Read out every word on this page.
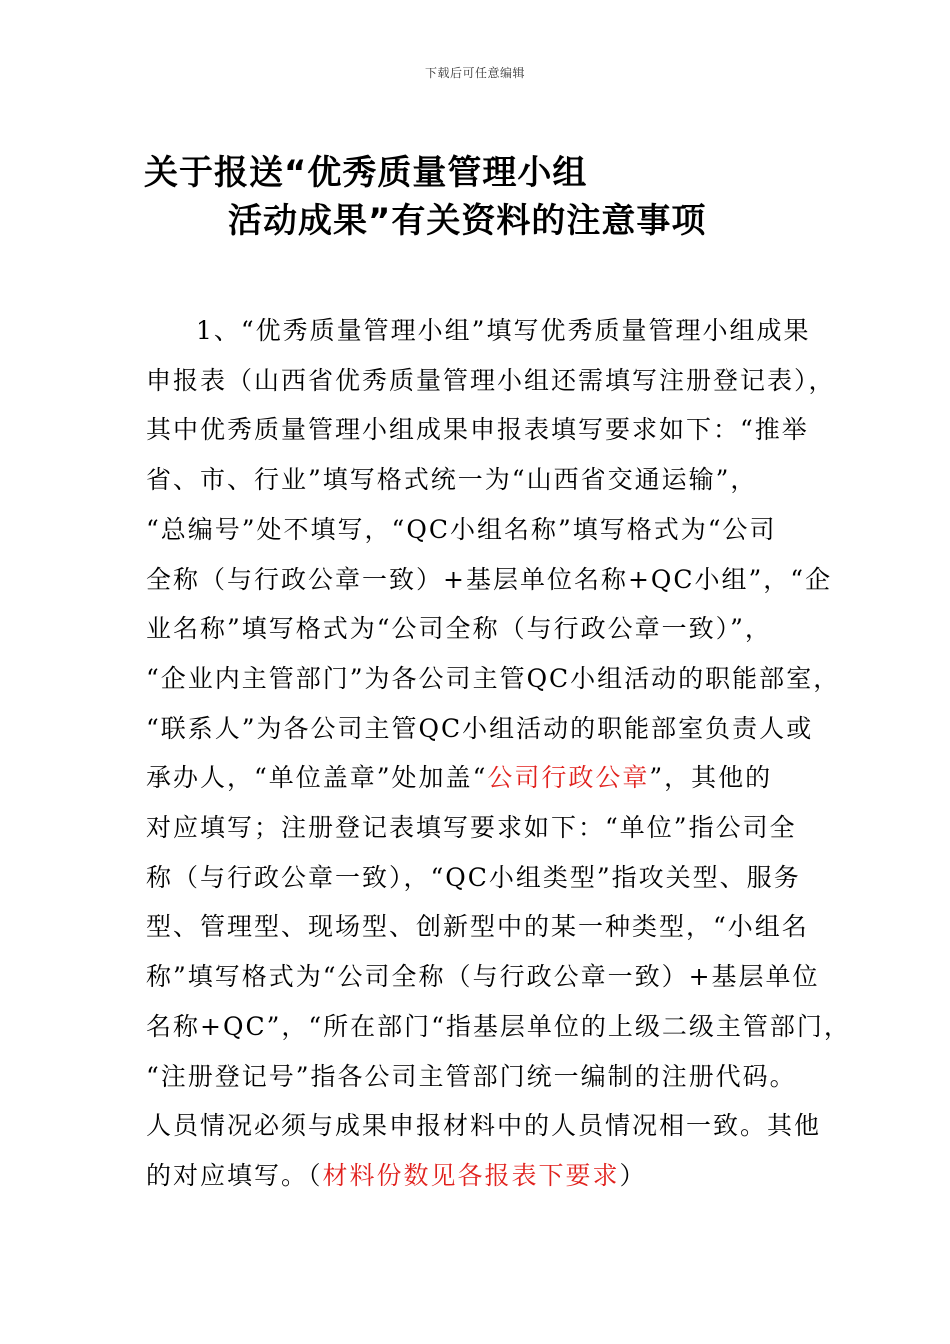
下载后可任意编辑
关于报送“优秀质量管理小组
活动成果”有关资料的注意事项
1、“优秀质量管理小组”填写优秀质量管理小组成果
申报表（山西省优秀质量管理小组还需填写注册登记表），
其中优秀质量管理小组成果申报表填写要求如下：“推举
省、市、行业”填写格式统一为“山西省交通运输”，
“总编号”处不填写，“QC小组名称”填写格式为“公司
全称（与行政公章一致）+基层单位名称+QC小组”，“企
业名称”填写格式为“公司全称（与行政公章一致）”，
“企业内主管部门”为各公司主管QC小组活动的职能部室，
“联系人”为各公司主管QC小组活动的职能部室负责人或
承办人，“单位盖章”处加盖“公司行政公章”，其他的
对应填写；注册登记表填写要求如下：“单位”指公司全
称（与行政公章一致），“QC小组类型”指攻关型、服务
型、管理型、现场型、创新型中的某一种类型，“小组名
称”填写格式为“公司全称（与行政公章一致）+基层单位
名称+QC”，“所在部门“指基层单位的上级二级主管部门，
“注册登记号”指各公司主管部门统一编制的注册代码。
人员情况必须与成果申报材料中的人员情况相一致。其他
的对应填写。（材料份数见各报表下要求）
